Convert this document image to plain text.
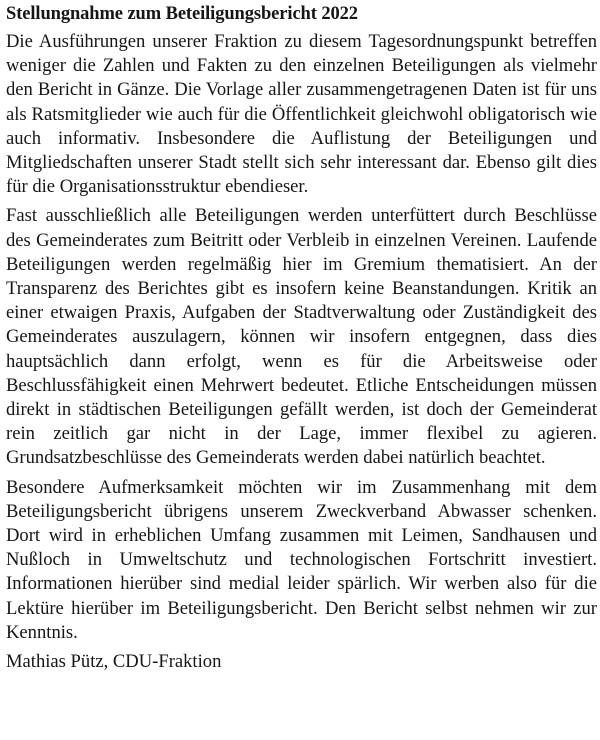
Stellungnahme zum Beteiligungsbericht 2022

Die Ausführungen unserer Fraktion zu diesem Tagesordnungspunkt betreffen weniger die Zahlen und Fakten zu den einzelnen Beteiligungen als vielmehr den Bericht in Gänze. Die Vorlage aller zusammengetragenen Daten ist für uns als Ratsmitglieder wie auch für die Öffentlichkeit gleichwohl obligatorisch wie auch informativ. Insbesondere die Auflistung der Beteiligungen und Mitgliedschaften unserer Stadt stellt sich sehr interessant dar. Ebenso gilt dies für die Organisationsstruktur ebendieser.

Fast ausschließlich alle Beteiligungen werden unterfüttert durch Beschlüsse des Gemeinderates zum Beitritt oder Verbleib in einzelnen Vereinen. Laufende Beteiligungen werden regelmäßig hier im Gremium thematisiert. An der Transparenz des Berichtes gibt es insofern keine Beanstandungen. Kritik an einer etwaigen Praxis, Aufgaben der Stadtverwaltung oder Zuständigkeit des Gemeinderates auszulagern, können wir insofern entgegnen, dass dies hauptsächlich dann erfolgt, wenn es für die Arbeitsweise oder Beschlussfähigkeit einen Mehrwert bedeutet. Etliche Entscheidungen müssen direkt in städtischen Beteiligungen gefällt werden, ist doch der Gemeinderat rein zeitlich gar nicht in der Lage, immer flexibel zu agieren. Grundsatzbeschlüsse des Gemeinderats werden dabei natürlich beachtet.

Besondere Aufmerksamkeit möchten wir im Zusammenhang mit dem Beteiligungsbericht übrigens unserem Zweckverband Abwasser schenken. Dort wird in erheblichen Umfang zusammen mit Leimen, Sandhausen und Nußloch in Umweltschutz und technologischen Fortschritt investiert. Informationen hierüber sind medial leider spärlich. Wir werben also für die Lektüre hierüber im Beteiligungsbericht. Den Bericht selbst nehmen wir zur Kenntnis.

Mathias Pütz, CDU-Fraktion
